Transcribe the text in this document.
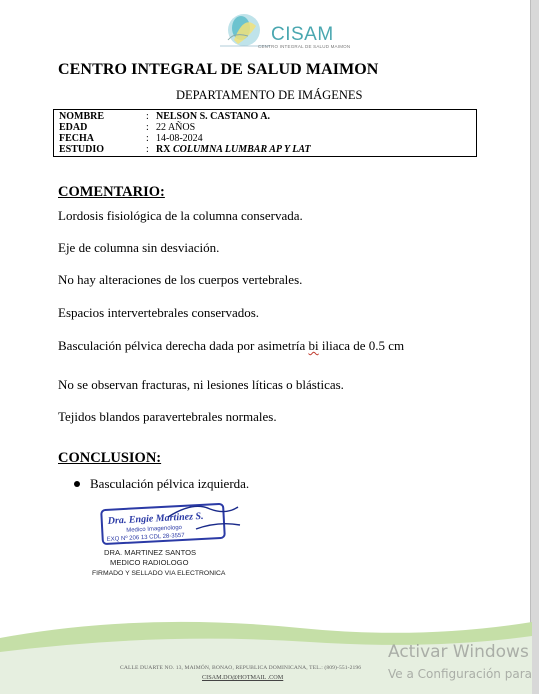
CISAM
CENTRO INTEGRAL DE SALUD MAIMON
CENTRO INTEGRAL DE SALUD MAIMON
DEPARTAMENTO DE IMÁGENES
NOMBRE	: NELSON S. CASTANO A.
EDAD	: 22 AÑOS
FECHA	: 14-08-2024
ESTUDIO	: RX COLUMNA LUMBAR AP Y LAT
COMENTARIO:
Lordosis fisiológica de la columna conservada.
Eje de columna sin desviación.
No hay alteraciones de los cuerpos vertebrales.
Espacios intervertebrales conservados.
Basculación pélvica derecha dada por asimetría bi iliaca de 0.5 cm
No se observan fracturas, ni lesiones líticas o blásticas.
Tejidos blandos paravertebrales normales.
CONCLUSION:
Basculación pélvica izquierda.
Dra. Engie Martinez S.
Medico Imagenologo
EXQ Nº 206 13 CDL 28-3557
DRA. MARTINEZ SANTOS
MEDICO RADIOLOGO
FIRMADO Y SELLADO VIA ELECTRONICA
CALLE DUARTE NO. 13, MAIMÓN, BONAO, REPUBLICA DOMINICANA, TEL.: (809)-551-2196
CISAM.DO@HOTMAIL .COM
Activar Windows
Ve a Configuración para
